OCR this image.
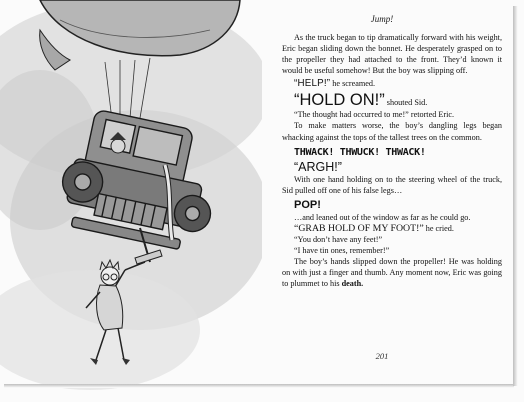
Jump!

As the truck began to tip dramatically forward with his weight, Eric began sliding down the bonnet. He desperately grasped on to the propeller they had attached to the front. They’d known it would be useful somehow! But the boy was slipping off.

“HELP!” he screamed.

“HOLD ON!” shouted Sid.

“The thought had occurred to me!” retorted Eric.

To make matters worse, the boy’s dangling legs began whacking against the tops of the tallest trees on the common.

THWACK! THWUCK! THWACK!

“ARGH!”

With one hand holding on to the steering wheel of the truck, Sid pulled off one of his false legs…

POP!

…and leaned out of the window as far as he could go.

“GRAB HOLD OF MY FOOT!” he cried.

“You don’t have any feet!”

“I have tin ones, remember!”

The boy’s hands slipped down the propeller! He was holding on with just a finger and thumb. Any moment now, Eric was going to plummet to his death.

201
